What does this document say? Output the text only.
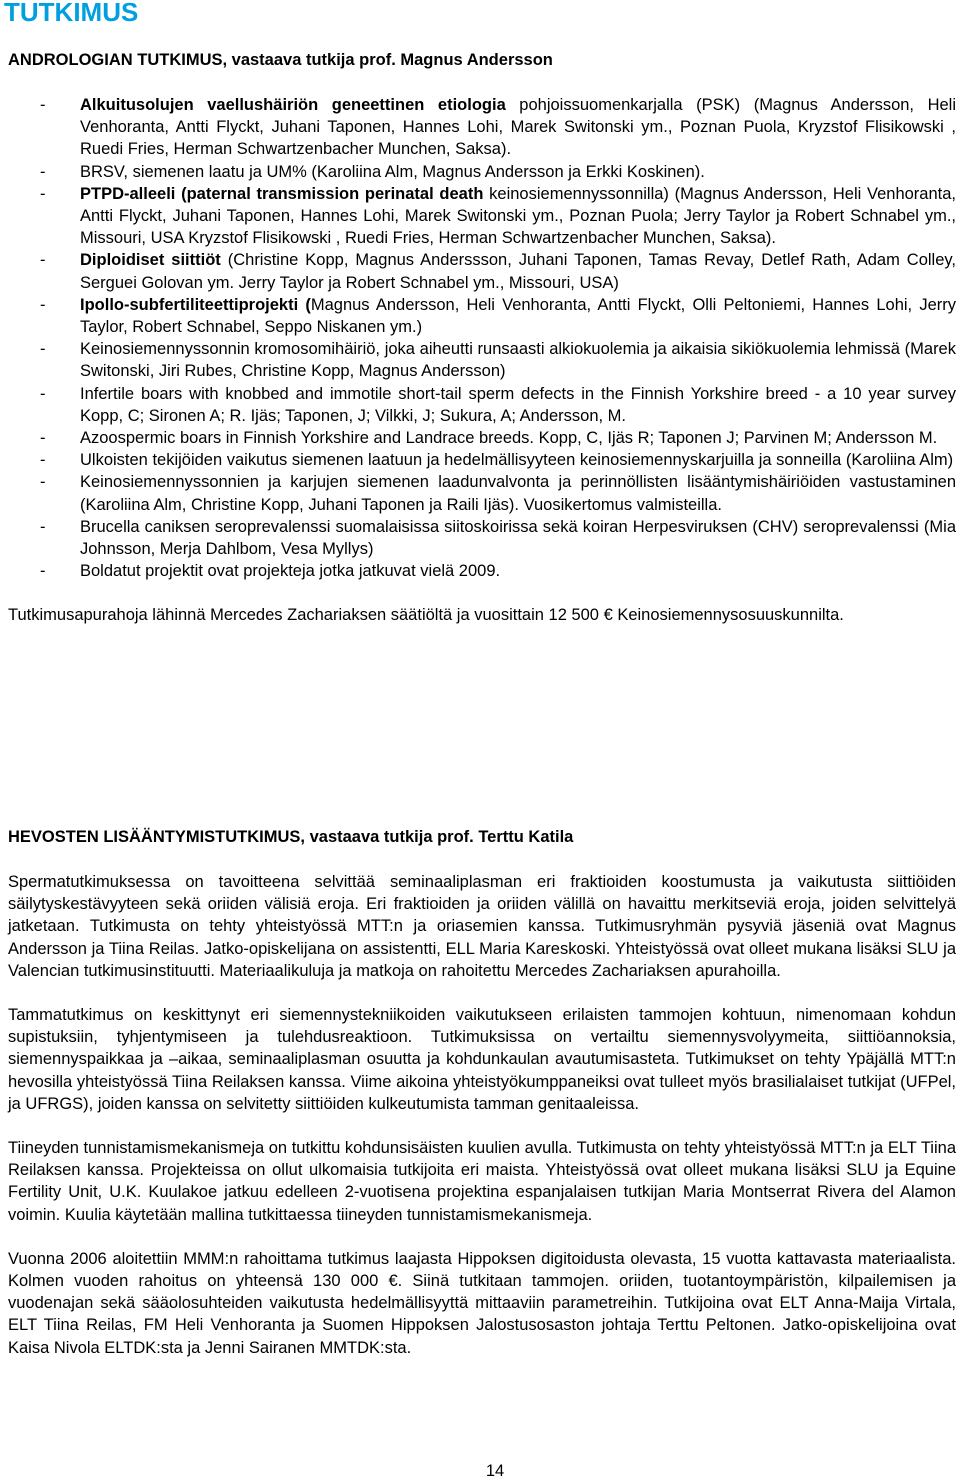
TUTKIMUS

ANDROLOGIAN TUTKIMUS, vastaava tutkija prof. Magnus Andersson

- Alkuitusolujen vaellushäiriön geneettinen etiologia pohjoissuomenkarjalla (PSK) (Magnus Andersson, Heli Venhoranta, Antti Flyckt, Juhani Taponen, Hannes Lohi, Marek Switonski ym., Poznan Puola, Kryzstof Flisikowski , Ruedi Fries, Herman Schwartzenbacher Munchen, Saksa).
- BRSV, siemenen laatu ja UM% (Karoliina Alm, Magnus Andersson ja Erkki Koskinen).
- PTPD-alleeli (paternal transmission perinatal death keinosiemennyssonnilla) (Magnus Andersson, Heli Venhoranta, Antti Flyckt, Juhani Taponen, Hannes Lohi, Marek Switonski ym., Poznan Puola; Jerry Taylor ja Robert Schnabel ym., Missouri, USA Kryzstof Flisikowski , Ruedi Fries, Herman Schwartzenbacher Munchen, Saksa).
- Diploidiset siittiöt (Christine Kopp, Magnus Anderssson, Juhani Taponen, Tamas Revay, Detlef Rath, Adam Colley, Serguei Golovan ym. Jerry Taylor ja Robert Schnabel ym., Missouri, USA)
- Ipollo-subfertiliteettiprojekti (Magnus Andersson, Heli Venhoranta, Antti Flyckt, Olli Peltoniemi, Hannes Lohi, Jerry Taylor, Robert Schnabel, Seppo Niskanen ym.)
- Keinosiemennyssonnin kromosomihäiriö, joka aiheutti runsaasti alkiokuolemia ja aikaisia sikiökuolemia lehmissä (Marek Switonski, Jiri Rubes, Christine Kopp, Magnus Andersson)
- Infertile boars with knobbed and immotile short-tail sperm defects in the Finnish Yorkshire breed - a 10 year survey Kopp, C; Sironen A; R. Ijäs; Taponen, J; Vilkki, J; Sukura, A; Andersson, M.
- Azoospermic boars in Finnish Yorkshire and Landrace breeds. Kopp, C, Ijäs R; Taponen J; Parvinen M; Andersson M.
- Ulkoisten tekijöiden vaikutus siemenen laatuun ja hedelmällisyyteen keinosiemennyskarjuilla ja sonneilla (Karoliina Alm)
- Keinosiemennyssonnien ja karjujen siemenen laadunvalvonta ja perinnöllisten lisääntymishäiriöiden vastustaminen (Karoliina Alm, Christine Kopp, Juhani Taponen ja Raili Ijäs). Vuosikertomus valmisteilla.
- Brucella caniksen seroprevalenssi suomalaisissa siitoskoirissa sekä koiran Herpesviruksen (CHV) seroprevalenssi (Mia Johnsson, Merja Dahlbom, Vesa Myllys)
- Boldatut projektit ovat projekteja jotka jatkuvat vielä 2009.

Tutkimusapurahoja lähinnä Mercedes Zachariaksen säätiöltä ja vuosittain 12 500 € Keinosiemennysosuuskunnilta.

HEVOSTEN LISÄÄNTYMISTUTKIMUS, vastaava tutkija prof. Terttu Katila

Spermatutkimuksessa on tavoitteena selvittää seminaaliplasman eri fraktioiden koostumusta ja vaikutusta siittiöiden säilytyskestävyyteen sekä oriiden välisiä eroja. Eri fraktioiden ja oriiden välillä on havaittu merkitseviä eroja, joiden selvittelyä jatketaan. Tutkimusta on tehty yhteistyössä MTT:n ja oriasemien kanssa. Tutkimusryhmän pysyviä jäseniä ovat Magnus Andersson ja Tiina Reilas. Jatko-opiskelijana on assistentti, ELL Maria Kareskoski. Yhteistyössä ovat olleet mukana lisäksi SLU ja Valencian tutkimusinstituutti. Materiaalikuluja ja matkoja on rahoitettu Mercedes Zachariaksen apurahoilla.

Tammatutkimus on keskittynyt eri siemennystekniikoiden vaikutukseen erilaisten tammojen kohtuun, nimenomaan kohdun supistuksiin, tyhjentymiseen ja tulehdusreaktioon. Tutkimuksissa on vertailtu siemennysvolyymeita, siittiöannoksia, siemennyspaikkaa ja –aikaa, seminaaliplasman osuutta ja kohdunkaulan avautumisasteta. Tutkimukset on tehty Ypäjällä MTT:n hevosilla yhteistyössä Tiina Reilaksen kanssa. Viime aikoina yhteistyökumppaneiksi ovat tulleet myös brasilialaiset tutkijat (UFPel, ja UFRGS), joiden kanssa on selvitetty siittiöiden kulkeutumista tamman genitaaleissa.

Tiineyden tunnistamismekanismeja on tutkittu kohdunsisäisten kuulien avulla. Tutkimusta on tehty yhteistyössä MTT:n ja ELT Tiina Reilaksen kanssa. Projekteissa on ollut ulkomaisia tutkijoita eri maista. Yhteistyössä ovat olleet mukana lisäksi SLU ja Equine Fertility Unit, U.K. Kuulakoe jatkuu edelleen 2-vuotisena projektina espanjalaisen tutkijan Maria Montserrat Rivera del Alamon voimin. Kuulia käytetään mallina tutkittaessa tiineyden tunnistamismekanismeja.

Vuonna 2006 aloitettiin MMM:n rahoittama tutkimus laajasta Hippoksen digitoidusta olevasta, 15 vuotta kattavasta materiaalista. Kolmen vuoden rahoitus on yhteensä 130 000 €. Siinä tutkitaan tammojen. oriiden, tuotantoympäristön, kilpailemisen ja vuodenajan sekä sääolosuhteiden vaikutusta hedelmällisyyttä mittaaviin parametreihin. Tutkijoina ovat ELT Anna-Maija Virtala, ELT Tiina Reilas, FM Heli Venhoranta ja Suomen Hippoksen Jalostusosaston johtaja Terttu Peltonen. Jatko-opiskelijoina ovat Kaisa Nivola ELTDK:sta ja Jenni Sairanen MMTDK:sta.

14
